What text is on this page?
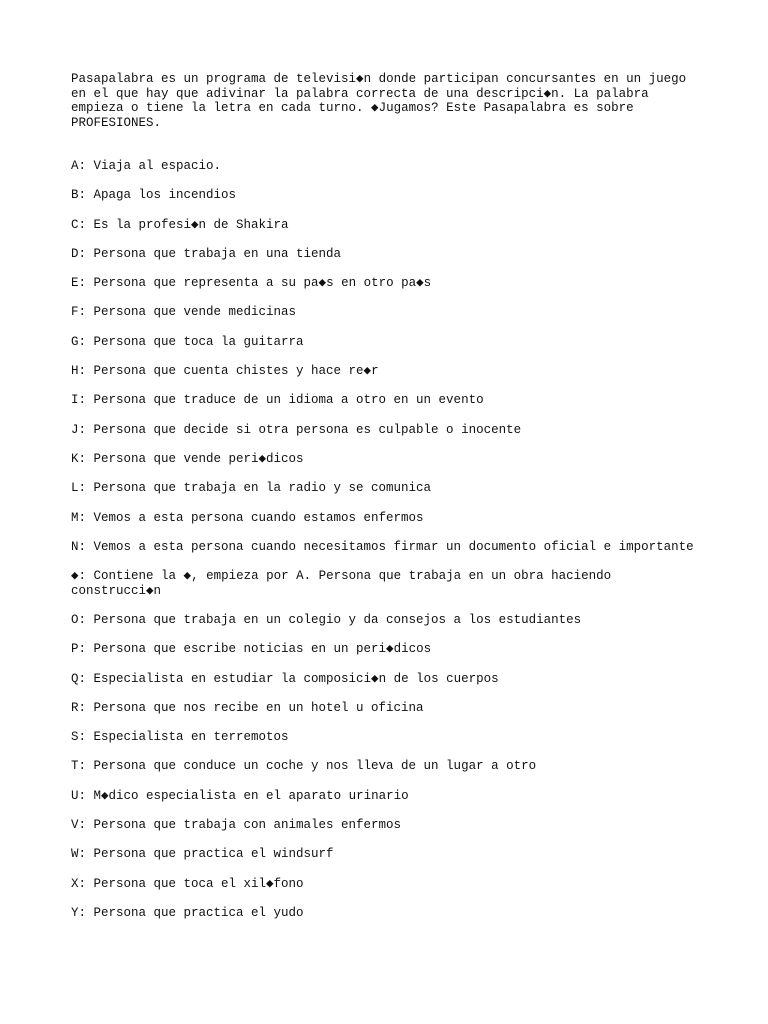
Pasapalabra es un programa de televisi◆n donde participan concursantes en un juego
en el que hay que adivinar la palabra correcta de una descripci◆n. La palabra
empieza o tiene la letra en cada turno. ◆Jugamos? Este Pasapalabra es sobre
PROFESIONES.

A: Viaja al espacio.

B: Apaga los incendios

C: Es la profesi◆n de Shakira

D: Persona que trabaja en una tienda

E: Persona que representa a su pa◆s en otro pa◆s

F: Persona que vende medicinas

G: Persona que toca la guitarra

H: Persona que cuenta chistes y hace re◆r

I: Persona que traduce de un idioma a otro en un evento

J: Persona que decide si otra persona es culpable o inocente

K: Persona que vende peri◆dicos

L: Persona que trabaja en la radio y se comunica

M: Vemos a esta persona cuando estamos enfermos

N: Vemos a esta persona cuando necesitamos firmar un documento oficial e importante

◆: Contiene la ◆, empieza por A. Persona que trabaja en un obra haciendo
construcci◆n

O: Persona que trabaja en un colegio y da consejos a los estudiantes

P: Persona que escribe noticias en un peri◆dicos

Q: Especialista en estudiar la composici◆n de los cuerpos

R: Persona que nos recibe en un hotel u oficina

S: Especialista en terremotos

T: Persona que conduce un coche y nos lleva de un lugar a otro

U: M◆dico especialista en el aparato urinario

V: Persona que trabaja con animales enfermos

W: Persona que practica el windsurf

X: Persona que toca el xil◆fono

Y: Persona que practica el yudo
